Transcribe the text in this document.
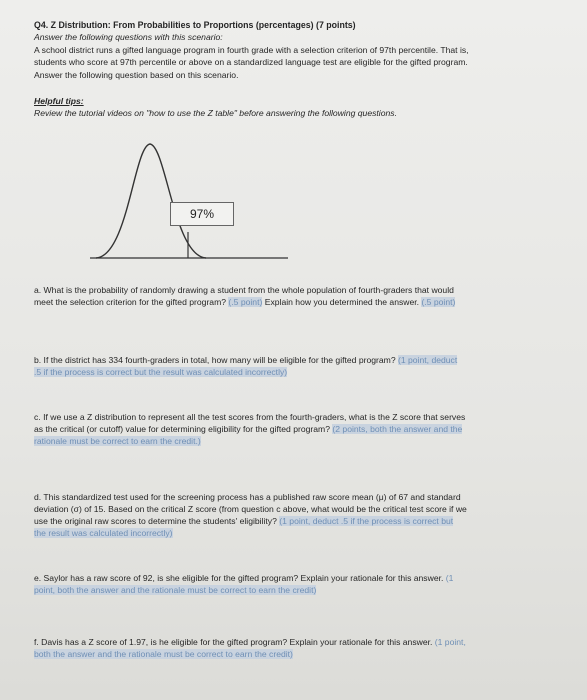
Q4. Z Distribution: From Probabilities to Proportions (percentages) (7 points)
Answer the following questions with this scenario:
A school district runs a gifted language program in fourth grade with a selection criterion of 97th percentile. That is,
students who score at 97th percentile or above on a standardized language test are eligible for the gifted program.
Answer the following question based on this scenario.
Helpful tips:
Review the tutorial videos on "how to use the Z table" before answering the following questions.
97%
a. What is the probability of randomly drawing a student from the whole population of fourth-graders that would
meet the selection criterion for the gifted program? (.5 point) Explain how you determined the answer. (.5 point)
b. If the district has 334 fourth-graders in total, how many will be eligible for the gifted program? (1 point, deduct
.5 if the process is correct but the result was calculated incorrectly)
c. If we use a Z distribution to represent all the test scores from the fourth-graders, what is the Z score that serves
as the critical (or cutoff) value for determining eligibility for the gifted program? (2 points, both the answer and the
rationale must be correct to earn the credit.)
d. This standardized test used for the screening process has a published raw score mean (μ) of 67 and standard
deviation (σ) of 15. Based on the critical Z score (from question c above, what would be the critical test score if we
use the original raw scores to determine the students' eligibility? (1 point, deduct .5 if the process is correct but
the result was calculated incorrectly)
e. Saylor has a raw score of 92, is she eligible for the gifted program? Explain your rationale for this answer. (1
point, both the answer and the rationale must be correct to earn the credit)
f. Davis has a Z score of 1.97, is he eligible for the gifted program? Explain your rationale for this answer. (1 point,
both the answer and the rationale must be correct to earn the credit)
